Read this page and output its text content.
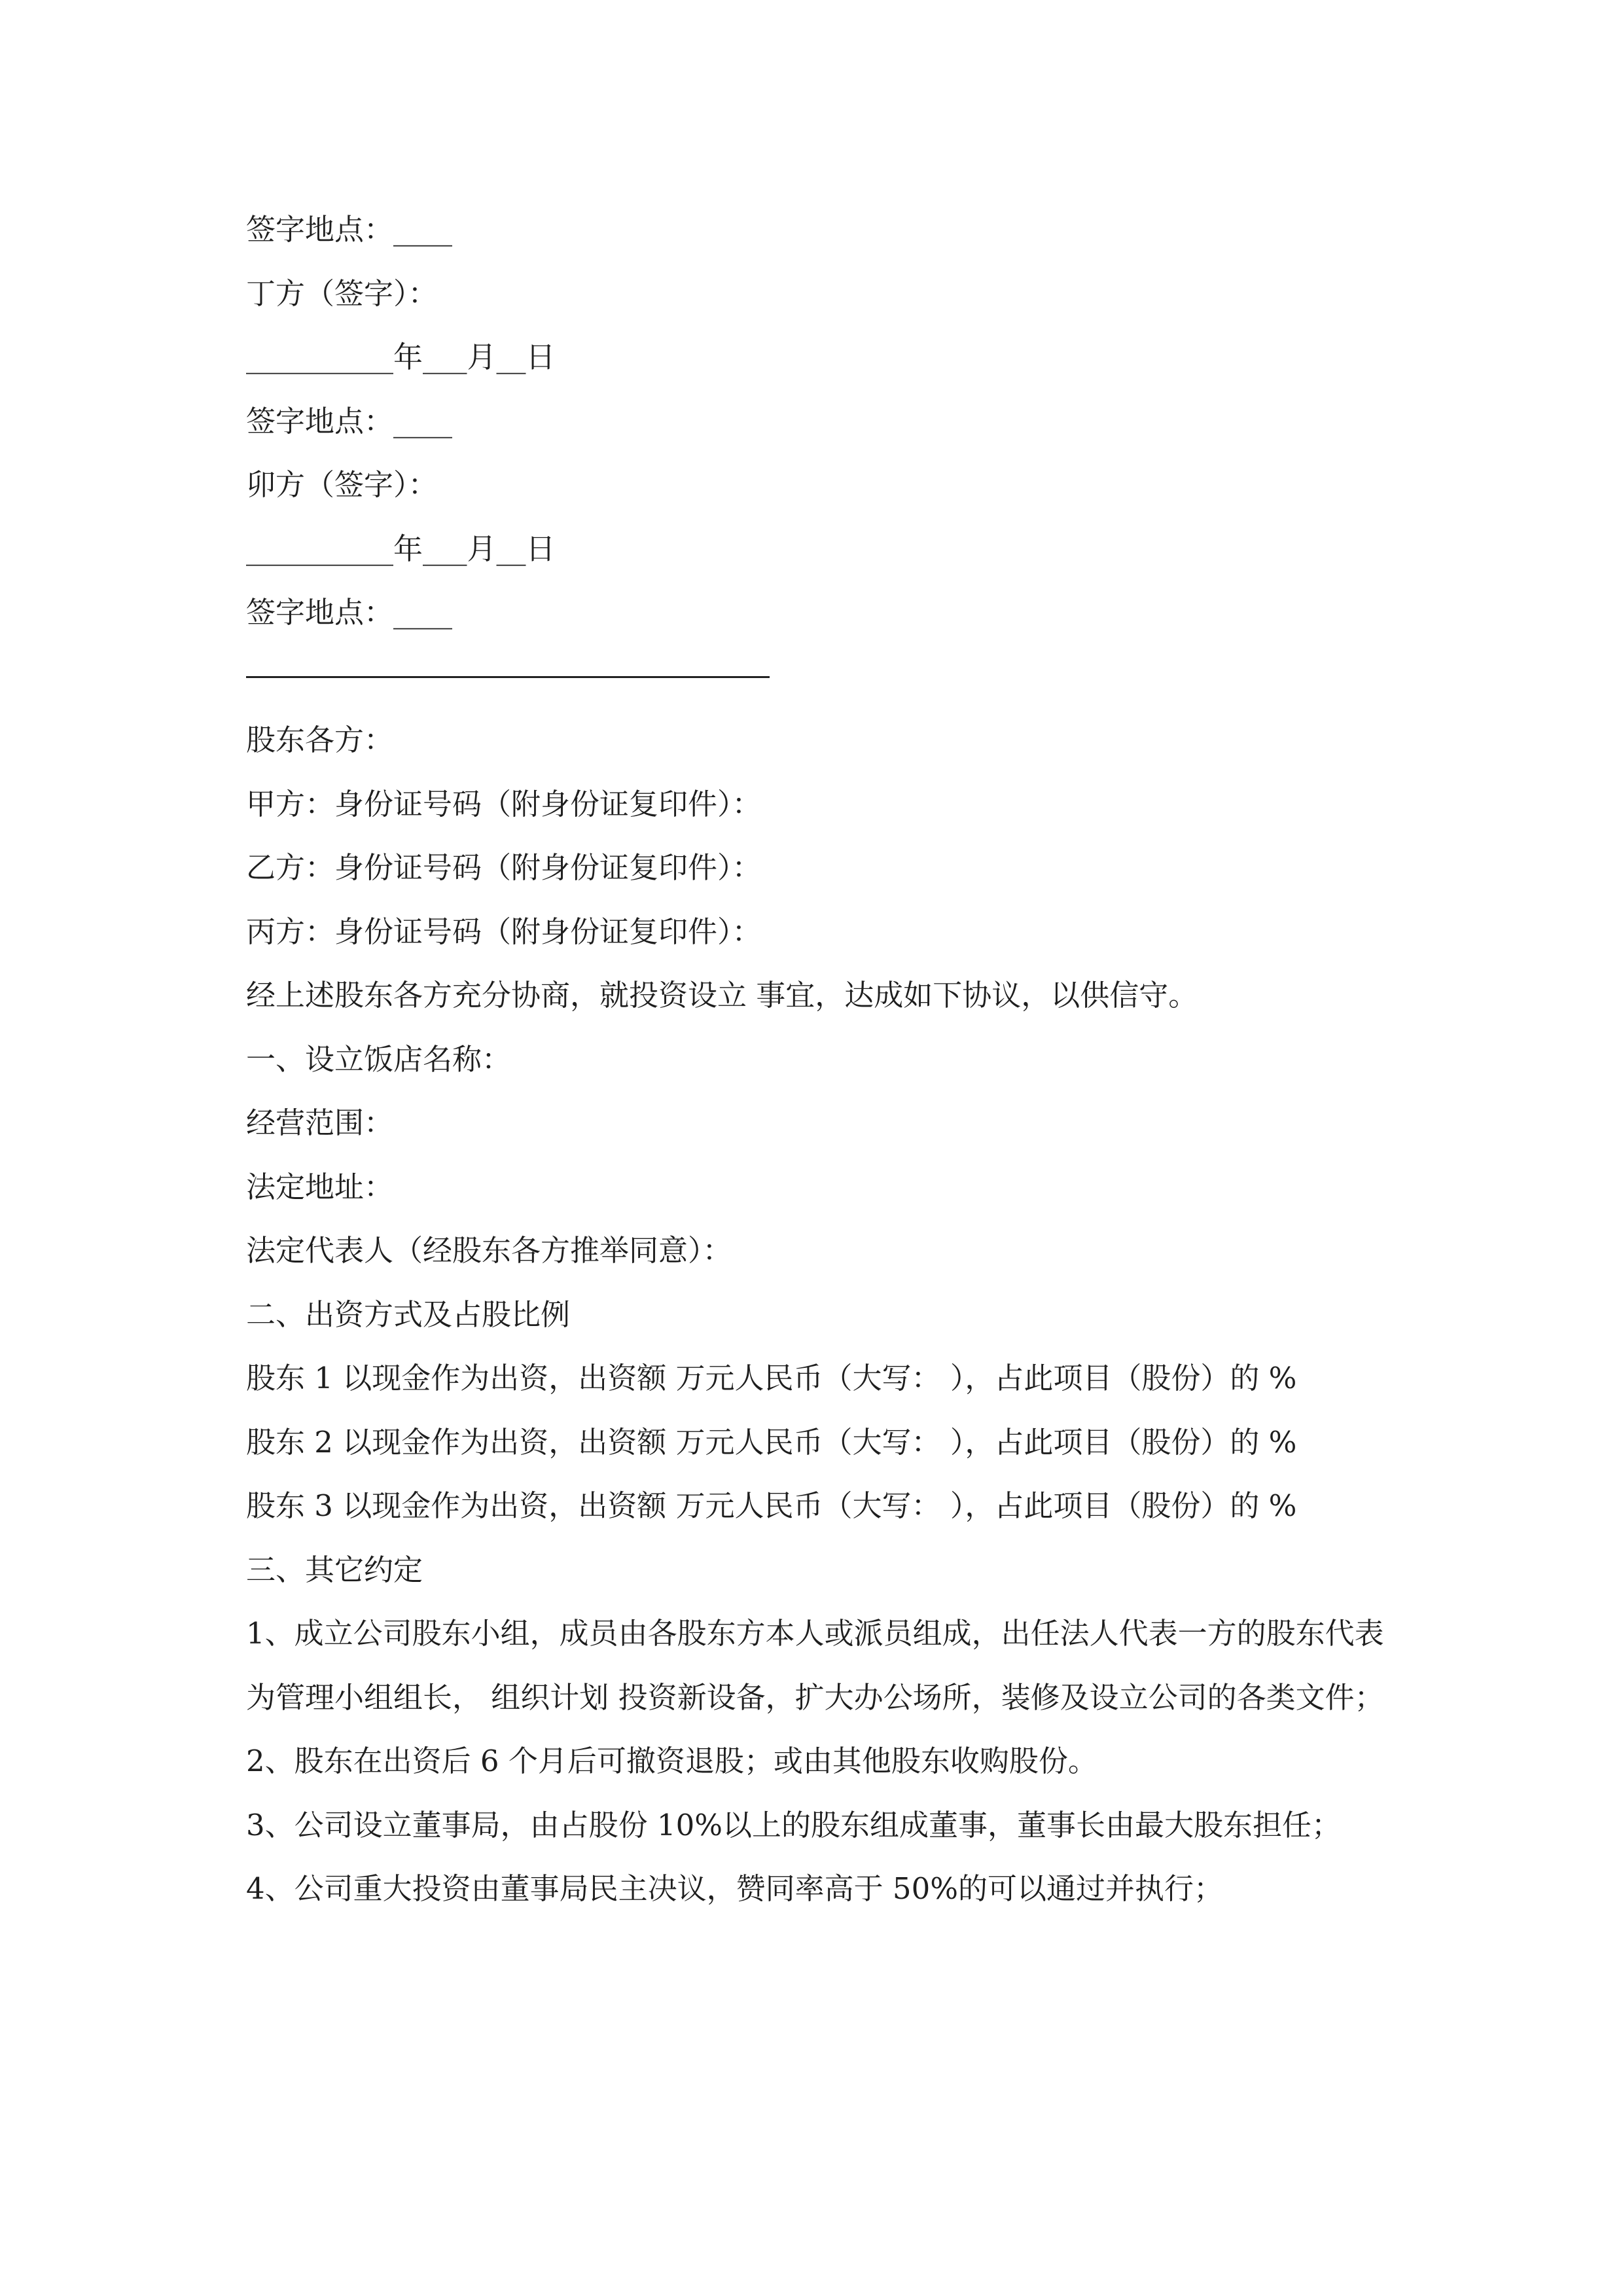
签字地点：____
丁方（签字）：
__________年___月__日
签字地点：____
卯方（签字）：
__________年___月__日
签字地点：____
股东各方：
甲方：身份证号码（附身份证复印件）：
乙方：身份证号码（附身份证复印件）：
丙方：身份证号码（附身份证复印件）：
经上述股东各方充分协商，就投资设立 事宜，达成如下协议，以供信守。
一、设立饭店名称：
经营范围：
法定地址：
法定代表人（经股东各方推举同意）：
二、出资方式及占股比例
股东 1 以现金作为出资，出资额 万元人民币（大写： ），占此项目（股份）的 %
股东 2 以现金作为出资，出资额 万元人民币（大写： ），占此项目（股份）的 %
股东 3 以现金作为出资，出资额 万元人民币（大写： ），占此项目（股份）的 %
三、其它约定
1、成立公司股东小组，成员由各股东方本人或派员组成，出任法人代表一方的股东代表为管理小组组长， 组织计划 投资新设备，扩大办公场所，装修及设立公司的各类文件；
2、股东在出资后 6 个月后可撤资退股；或由其他股东收购股份。
3、公司设立董事局，由占股份 10%以上的股东组成董事，董事长由最大股东担任；
4、公司重大投资由董事局民主决议，赞同率高于 50%的可以通过并执行；
